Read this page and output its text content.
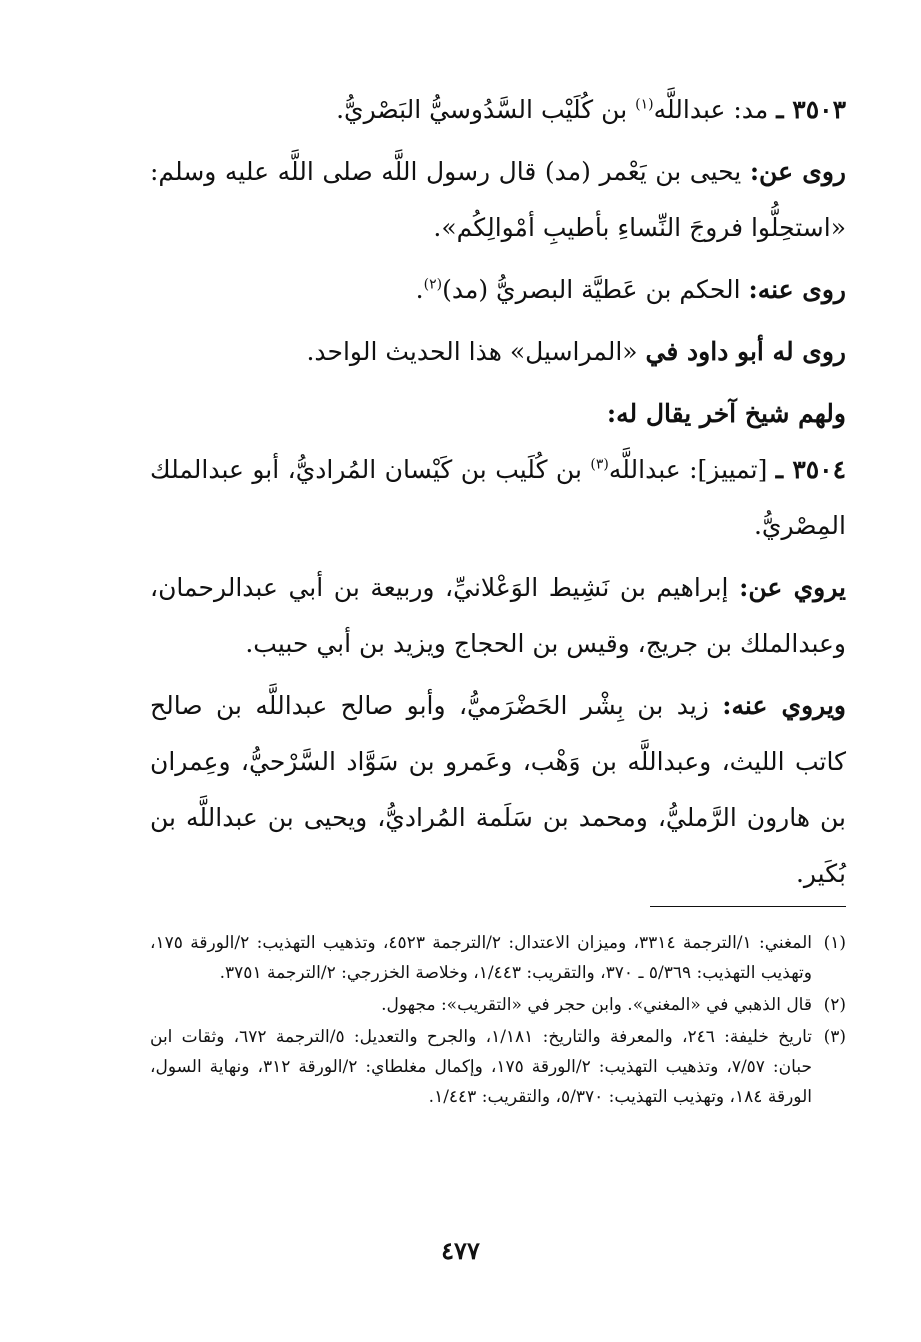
٣٥٠٣ ـ مد: عبداللَّه$^{(١)}$ بن كُلَيْب السَّدُوسيُّ البَصْريُّ.

روى عن: يحيى بن يَعْمر (مد) قال رسول اللَّه صلى اللَّه عليه وسلم: «استحِلُّوا فروجَ النِّساءِ بأطيبِ أمْوالِكُم».

روى عنه: الحكم بن عَطيَّة البصريُّ (مد)$^{(٢)}$.

روى له أبو داود في «المراسيل» هذا الحديث الواحد.

ولهم شيخ آخر يقال له:

٣٥٠٤ ـ [تمييز]: عبداللَّه$^{(٣)}$ بن كُلَيب بن كَيْسان المُراديُّ، أبو عبدالملك المِصْريُّ.

يروي عن: إبراهيم بن نَشِيط الوَعْلانيِّ، وربيعة بن أبي عبدالرحمان، وعبدالملك بن جريج، وقيس بن الحجاج ويزيد بن أبي حبيب.

ويروي عنه: زيد بن بِشْر الحَضْرَميُّ، وأبو صالح عبداللَّه بن صالح كاتب الليث، وعبداللَّه بن وَهْب، وعَمرو بن سَوَّاد السَّرْحيُّ، وعِمران بن هارون الرَّمليُّ، ومحمد بن سَلَمة المُراديُّ، ويحيى بن عبداللَّه بن بُكَير.

(١)
المغني: ١/الترجمة ٣٣١٤، وميزان الاعتدال: ٢/الترجمة ٤٥٢٣، وتذهيب التهذيب: ٢/الورقة ١٧٥، وتهذيب التهذيب: ٥/٣٦٩ ـ ٣٧٠، والتقريب: ١/٤٤٣، وخلاصة الخزرجي: ٢/الترجمة ٣٧٥١.
(٢)
قال الذهبي في «المغني». وابن حجر في «التقريب»: مجهول.
(٣)
تاريخ خليفة: ٢٤٦، والمعرفة والتاريخ: ١/١٨١، والجرح والتعديل: ٥/الترجمة ٦٧٢، وثقات ابن حبان: ٧/٥٧، وتذهيب التهذيب: ٢/الورقة ١٧٥، وإكمال مغلطاي: ٢/الورقة ٣١٢، ونهاية السول، الورقة ١٨٤، وتهذيب التهذيب: ٥/٣٧٠، والتقريب: ١/٤٤٣.
٤٧٧
